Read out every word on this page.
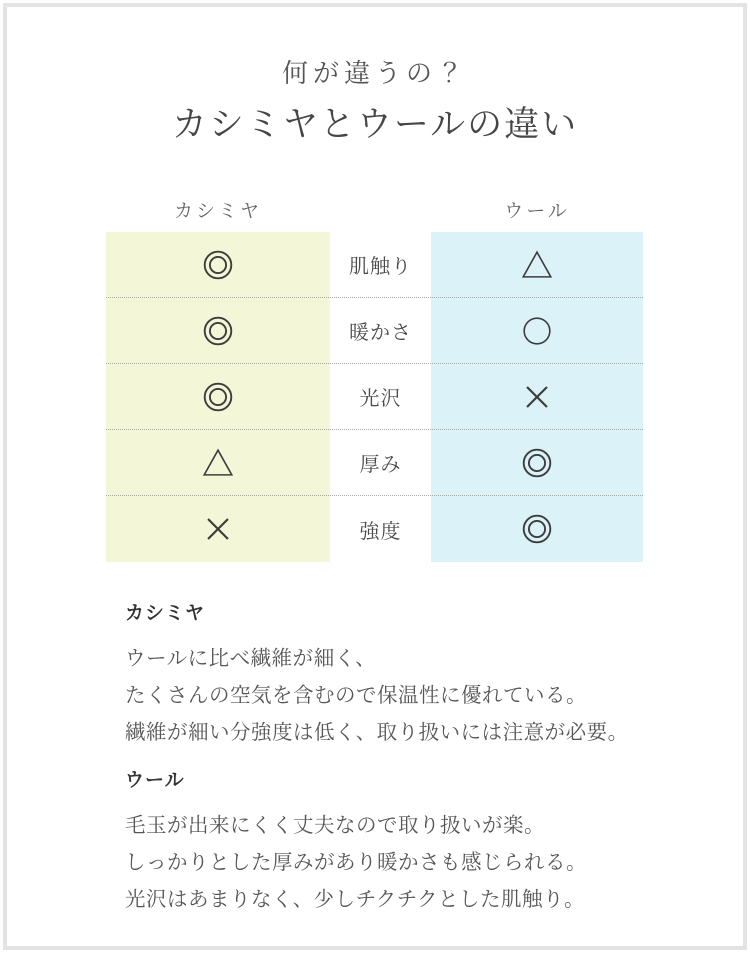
何が違うの？
カシミヤとウールの違い
カシミヤ	ウール
肌触り
暖かさ
光沢
厚み
強度
カシミヤ

ウールに比べ繊維が細く、
たくさんの空気を含むので保温性に優れている。
繊維が細い分強度は低く、取り扱いには注意が必要。

ウール

毛玉が出来にくく丈夫なので取り扱いが楽。
しっかりとした厚みがあり暖かさも感じられる。
光沢はあまりなく、少しチクチクとした肌触り。
